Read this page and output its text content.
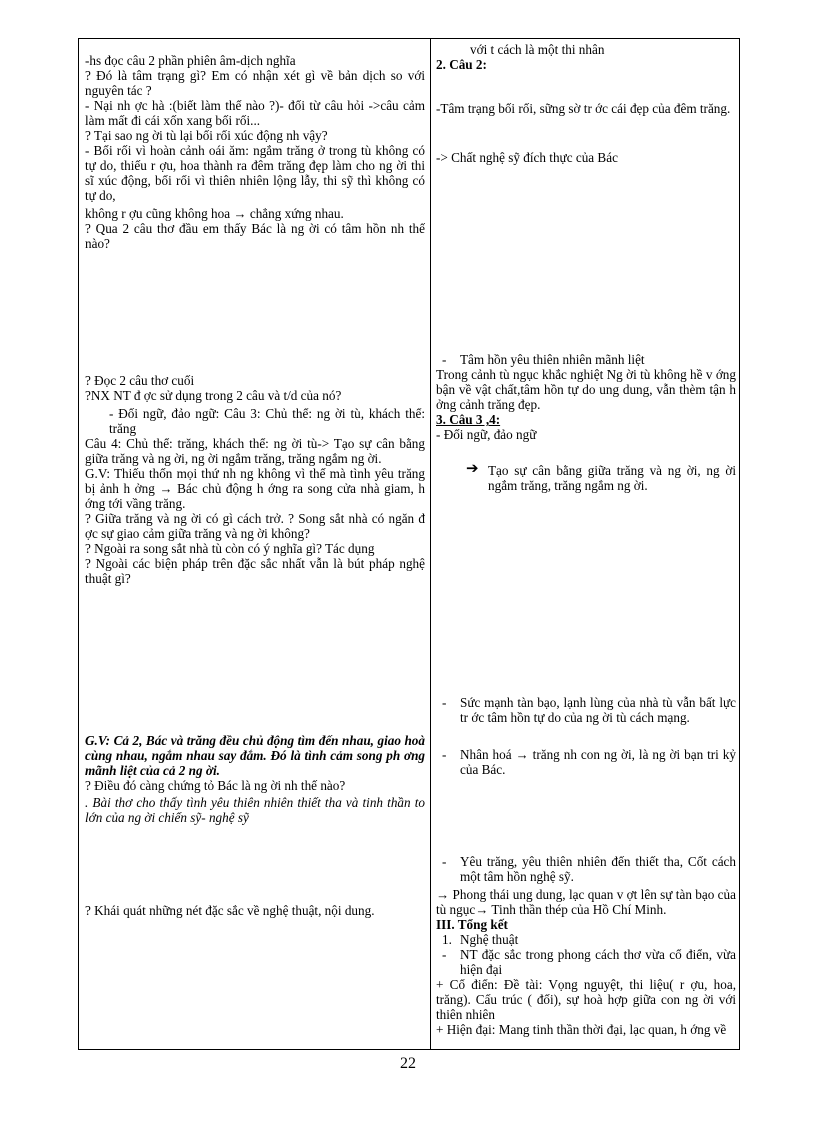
-hs đọc câu 2 phần phiên âm-dịch nghĩa

? Đó là tâm trạng gì? Em có nhận xét gì về bản dịch so với nguyên tác ?

- Nại nh ợc hà :(biết làm thế nào ?)- đối từ câu hỏi ->câu cảm làm mất đi cái xốn xang bối rối...

? Tại sao ng ời tù lại bối rối xúc động nh vậy?

- Bối rối vì hoàn cảnh oái ăm: ngắm trăng ở trong tù không có tự do, thiếu r ợu, hoa thành ra đêm trăng đẹp làm cho ng ời thi sĩ xúc động, bối rối vì thiên nhiên lộng lẫy, thi sỹ thì không có tự do,

không r ợu cũng không hoa → chẳng xứng nhau.

? Qua 2 câu thơ đầu em thấy Bác là ng ời có tâm hồn nh thế nào?

? Đọc 2 câu thơ cuối

?NX NT đ ợc sử dụng trong 2 câu và t/d của nó?

- Đối ngữ, đảo ngữ: Câu 3: Chủ thể: ng ời tù, khách thể: trăng

Câu 4: Chủ thể: trăng, khách thể: ng ời tù-> Tạo sự cân bằng giữa trăng và ng ời, ng ời ngắm trăng, trăng ngắm ng ời.

G.V: Thiếu thốn mọi thứ nh ng không vì thế mà tình yêu trăng bị ảnh h ởng → Bác chủ động h ớng ra song cửa nhà giam, h ớng tới vầng trăng.

? Giữa trăng và ng ời có gì cách trở. ? Song sắt nhà có ngăn đ ợc sự giao cảm giữa trăng và ng ời không?

? Ngoài ra song sắt nhà tù còn có ý nghĩa gì? Tác dụng

? Ngoài các biện pháp trên đặc sắc nhất vẫn là bút pháp nghệ thuật gì?

G.V: Cả 2, Bác và trăng đều chủ động tìm đến nhau, giao hoà cùng nhau, ngắm nhau say đắm. Đó là tình cảm song ph ơng mãnh liệt của cả 2 ng ời.

? Điều đó càng chứng tỏ Bác là ng ời nh thế nào?

. Bài thơ cho thấy tình yêu thiên nhiên thiết tha và tinh thần to lớn của ng ời chiến sỹ- nghệ sỹ

? Khái quát những nét đặc sắc về nghệ thuật, nội dung.

với t cách là một thi nhân

2. Câu 2:

-Tâm trạng bối rối, sững sờ tr ớc cái đẹp của đêm trăng.

-> Chất nghệ sỹ đích thực của Bác

- Tâm hồn yêu thiên nhiên mãnh liệt

Trong cảnh tù ngục khắc nghiệt Ng ời tù không hề v ớng bận về vật chất,tâm hồn tự do ung dung, vẫn thèm tận h ởng cảnh trăng đẹp.

3. Câu 3 ,4:

- Đối ngữ, đảo ngữ

➔ Tạo sự cân bằng giữa trăng và ng ời, ng ời ngắm trăng, trăng ngắm ng ời.

- Sức mạnh tàn bạo, lạnh lùng của nhà tù vẫn bất lực tr ớc tâm hồn tự do của ng ời tù cách mạng.

- Nhân hoá → trăng nh con ng ời, là ng ời bạn tri kỷ của Bác.

- Yêu trăng, yêu thiên nhiên đến thiết tha, Cốt cách một tâm hồn nghệ sỹ.

→ Phong thái ung dung, lạc quan v ợt lên sự tàn bạo của tù ngục→ Tinh thần thép của Hồ Chí Minh.

III. Tổng kết

1. Nghệ thuật

- NT đặc sắc trong phong cách thơ vừa cổ điển, vừa hiện đại

+ Cổ điển: Đề tài: Vọng nguyệt, thi liệu( r ợu, hoa, trăng). Cấu trúc ( đối), sự hoà hợp giữa con ng ời với thiên nhiên

+ Hiện đại: Mang tinh thần thời đại, lạc quan, h ớng về

22
